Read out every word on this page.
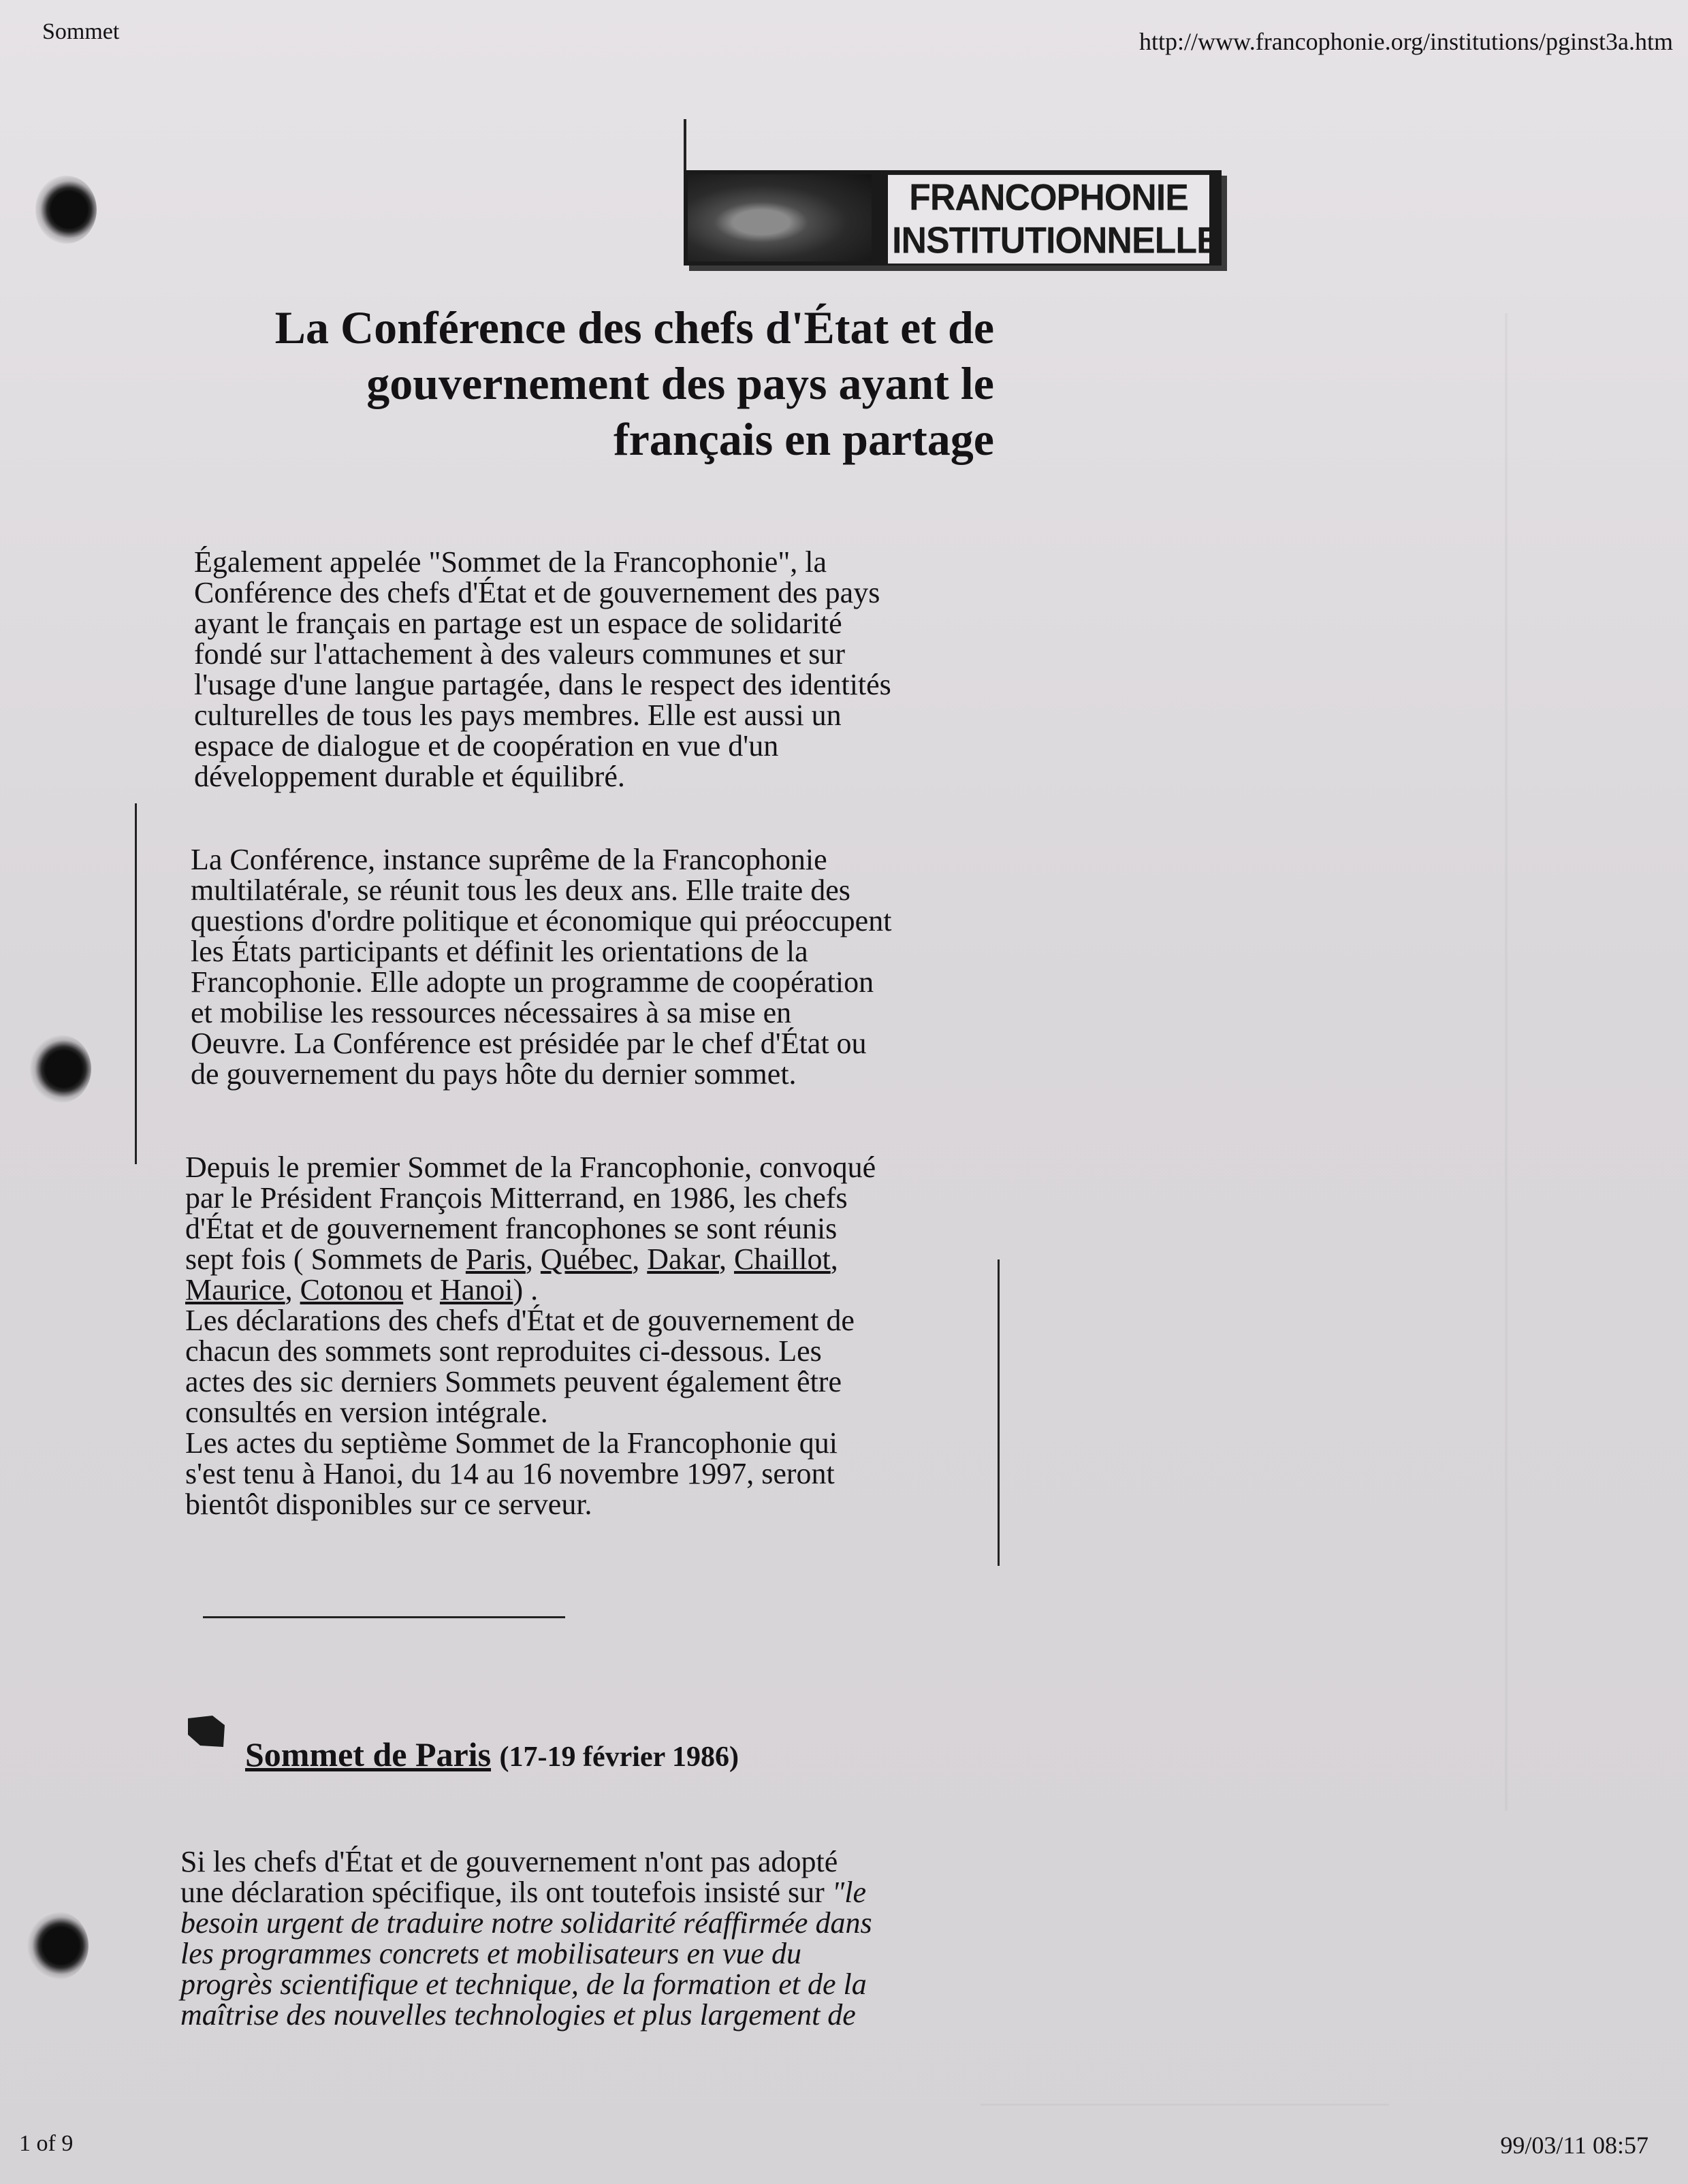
Sommet	http://www.francophonie.org/institutions/pginst3a.htm
FRANCOPHONIE
INSTITUTIONNELLE
La Conférence des chefs d'État et de
gouvernement des pays ayant le
français en partage

Également appelée "Sommet de la Francophonie", la

Conférence des chefs d'État et de gouvernement des pays

ayant le français en partage est un espace de solidarité

fondé sur l'attachement à des valeurs communes et sur

l'usage d'une langue partagée, dans le respect des identités

culturelles de tous les pays membres. Elle est aussi un

espace de dialogue et de coopération en vue d'un

développement durable et équilibré.

La Conférence, instance suprême de la Francophonie

multilatérale, se réunit tous les deux ans. Elle traite des

questions d'ordre politique et économique qui préoccupent

les États participants et définit les orientations de la

Francophonie. Elle adopte un programme de coopération

et mobilise les ressources nécessaires à sa mise en

Oeuvre. La Conférence est présidée par le chef d'État ou

de gouvernement du pays hôte du dernier sommet.

Depuis le premier Sommet de la Francophonie, convoqué

par le Président François Mitterrand, en 1986, les chefs

d'État et de gouvernement francophones se sont réunis

sept fois ( Sommets de Paris, Québec, Dakar, Chaillot,

Maurice, Cotonou et Hanoi) .

Les déclarations des chefs d'État et de gouvernement de

chacun des sommets sont reproduites ci-dessous. Les

actes des sic derniers Sommets peuvent également être

consultés en version intégrale.

Les actes du septième Sommet de la Francophonie qui

s'est tenu à Hanoi, du 14 au 16 novembre 1997, seront

bientôt disponibles sur ce serveur.

Sommet de Paris (17-19 février 1986)

Si les chefs d'État et de gouvernement n'ont pas adopté

une déclaration spécifique, ils ont toutefois insisté sur "le

besoin urgent de traduire notre solidarité réaffirmée dans

les programmes concrets et mobilisateurs en vue du

progrès scientifique et technique, de la formation et de la

maîtrise des nouvelles technologies et plus largement de

1 of 9	99/03/11 08:57
